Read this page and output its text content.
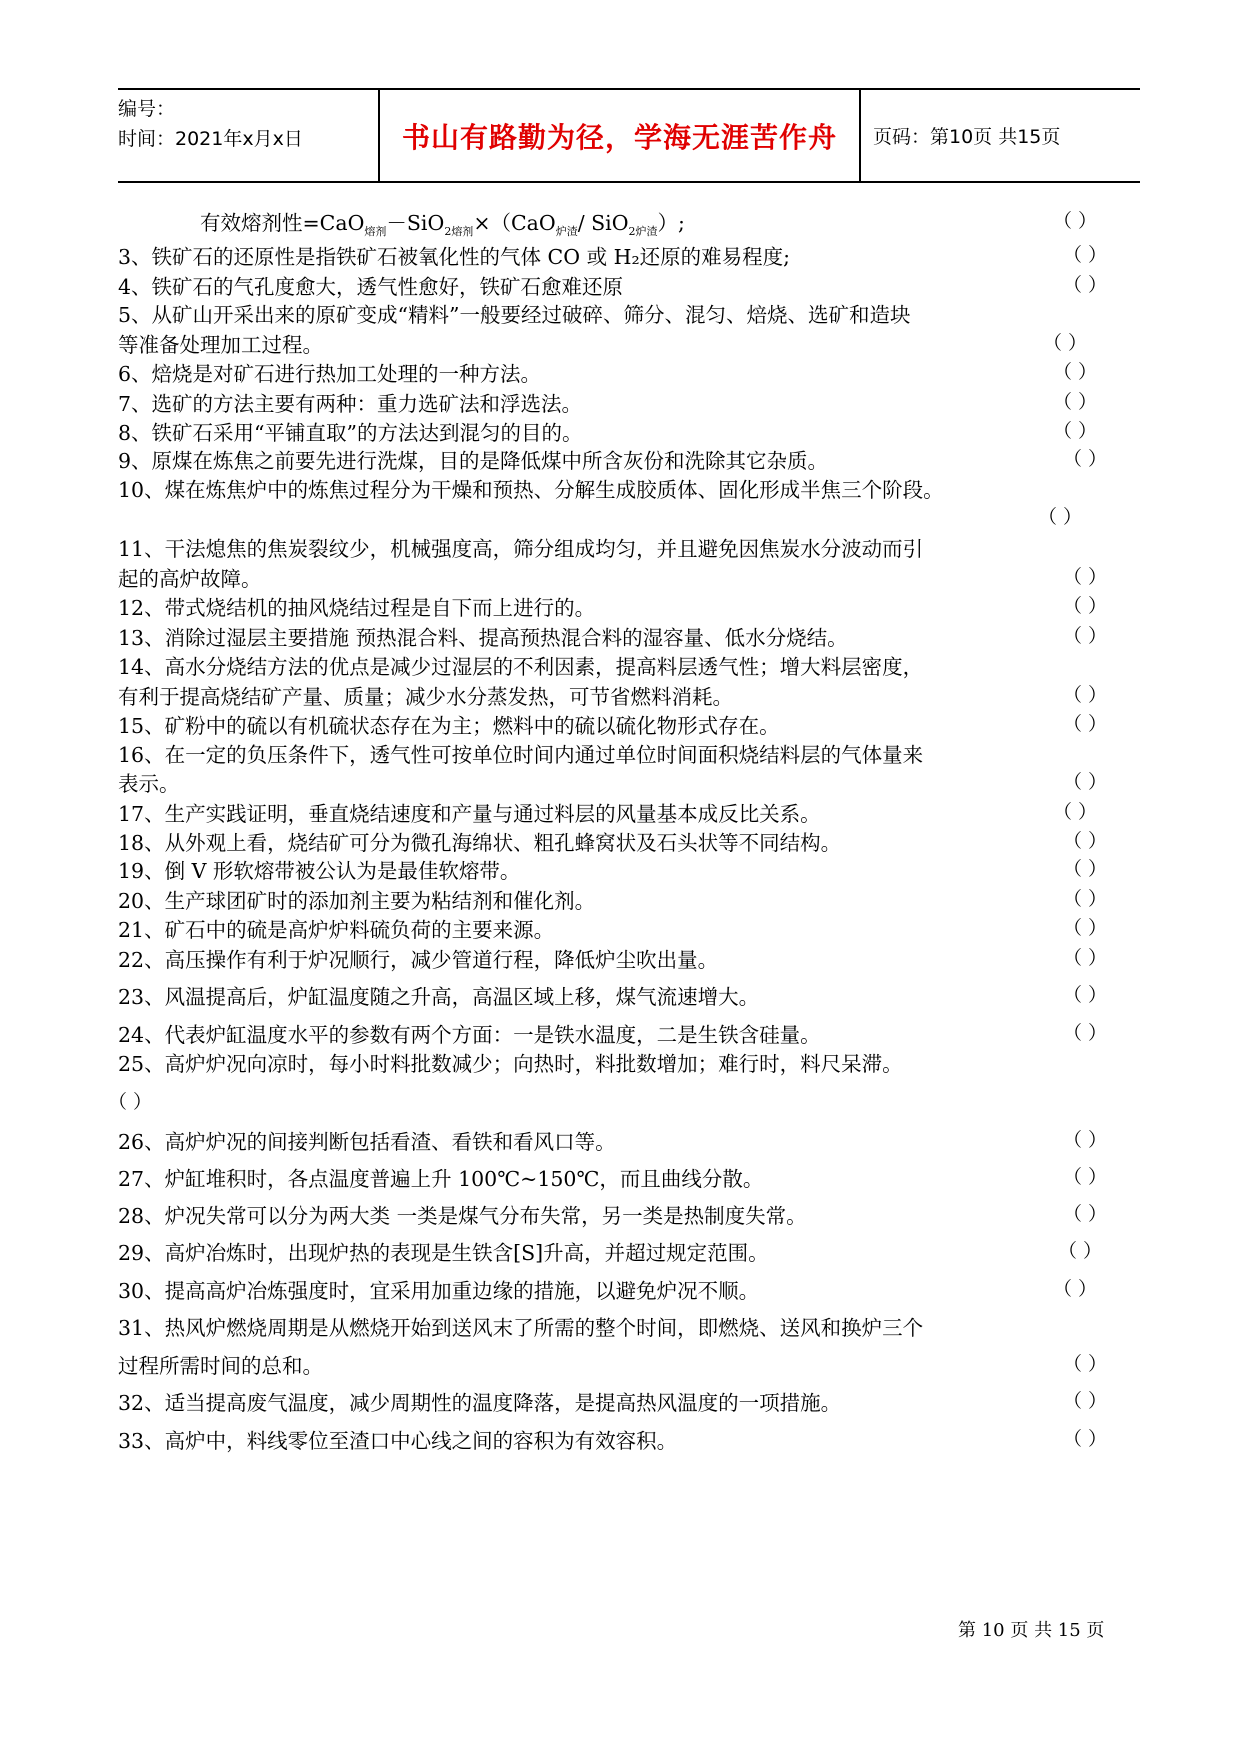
编号：
时间：2021年x月x日	书山有路勤为径，学海无涯苦作舟	页码：第10页 共15页
有效熔剂性=CaO$_{熔剂}$－SiO$_{2熔剂}$×（CaO$_{炉渣}$/ SiO$_{2炉渣}$）;	（ ）
3、铁矿石的还原性是指铁矿石被氧化性的气体 CO 或 H₂还原的难易程度;	（ ）
4、铁矿石的气孔度愈大，透气性愈好，铁矿石愈难还原	（ ）
5、从矿山开采出来的原矿变成“精料”一般要经过破碎、筛分、混匀、焙烧、选矿和造块
等准备处理加工过程。	（ ）
6、焙烧是对矿石进行热加工处理的一种方法。	（ ）
7、选矿的方法主要有两种：重力选矿法和浮选法。	（ ）
8、铁矿石采用“平铺直取”的方法达到混匀的目的。	（ ）
9、原煤在炼焦之前要先进行洗煤，目的是降低煤中所含灰份和洗除其它杂质。	（ ）
10、煤在炼焦炉中的炼焦过程分为干燥和预热、分解生成胶质体、固化形成半焦三个阶段。
（ ）
11、干法熄焦的焦炭裂纹少，机械强度高，筛分组成均匀，并且避免因焦炭水分波动而引
起的高炉故障。	（ ）
12、带式烧结机的抽风烧结过程是自下而上进行的。	（ ）
13、消除过湿层主要措施 预热混合料、提高预热混合料的湿容量、低水分烧结。	（ ）
14、高水分烧结方法的优点是减少过湿层的不利因素，提高料层透气性；增大料层密度，
有利于提高烧结矿产量、质量；减少水分蒸发热，可节省燃料消耗。	（ ）
15、矿粉中的硫以有机硫状态存在为主；燃料中的硫以硫化物形式存在。	（ ）
16、在一定的负压条件下，透气性可按单位时间内通过单位时间面积烧结料层的气体量来
表示。	（ ）
17、生产实践证明，垂直烧结速度和产量与通过料层的风量基本成反比关系。	（ ）
18、从外观上看，烧结矿可分为微孔海绵状、粗孔蜂窝状及石头状等不同结构。	（ ）
19、倒 V 形软熔带被公认为是最佳软熔带。	（ ）
20、生产球团矿时的添加剂主要为粘结剂和催化剂。	（ ）
21、矿石中的硫是高炉炉料硫负荷的主要来源。	（ ）
22、高压操作有利于炉况顺行，减少管道行程，降低炉尘吹出量。	（ ）
23、风温提高后，炉缸温度随之升高，高温区域上移，煤气流速增大。	（ ）
24、代表炉缸温度水平的参数有两个方面：一是铁水温度，二是生铁含硅量。	（ ）
25、高炉炉况向凉时，每小时料批数减少；向热时，料批数增加；难行时，料尺呆滞。
（ ）
26、高炉炉况的间接判断包括看渣、看铁和看风口等。	（ ）
27、炉缸堆积时，各点温度普遍上升 100℃~150℃，而且曲线分散。	（ ）
28、炉况失常可以分为两大类 一类是煤气分布失常，另一类是热制度失常。	（ ）
29、高炉冶炼时，出现炉热的表现是生铁含[S]升高，并超过规定范围。	（ ）
30、提高高炉冶炼强度时，宜采用加重边缘的措施，以避免炉况不顺。	（ ）
31、热风炉燃烧周期是从燃烧开始到送风末了所需的整个时间，即燃烧、送风和换炉三个
过程所需时间的总和。	（ ）
32、适当提高废气温度，减少周期性的温度降落，是提高热风温度的一项措施。	（ ）
33、高炉中，料线零位至渣口中心线之间的容积为有效容积。	（ ）
第 10 页 共 15 页
